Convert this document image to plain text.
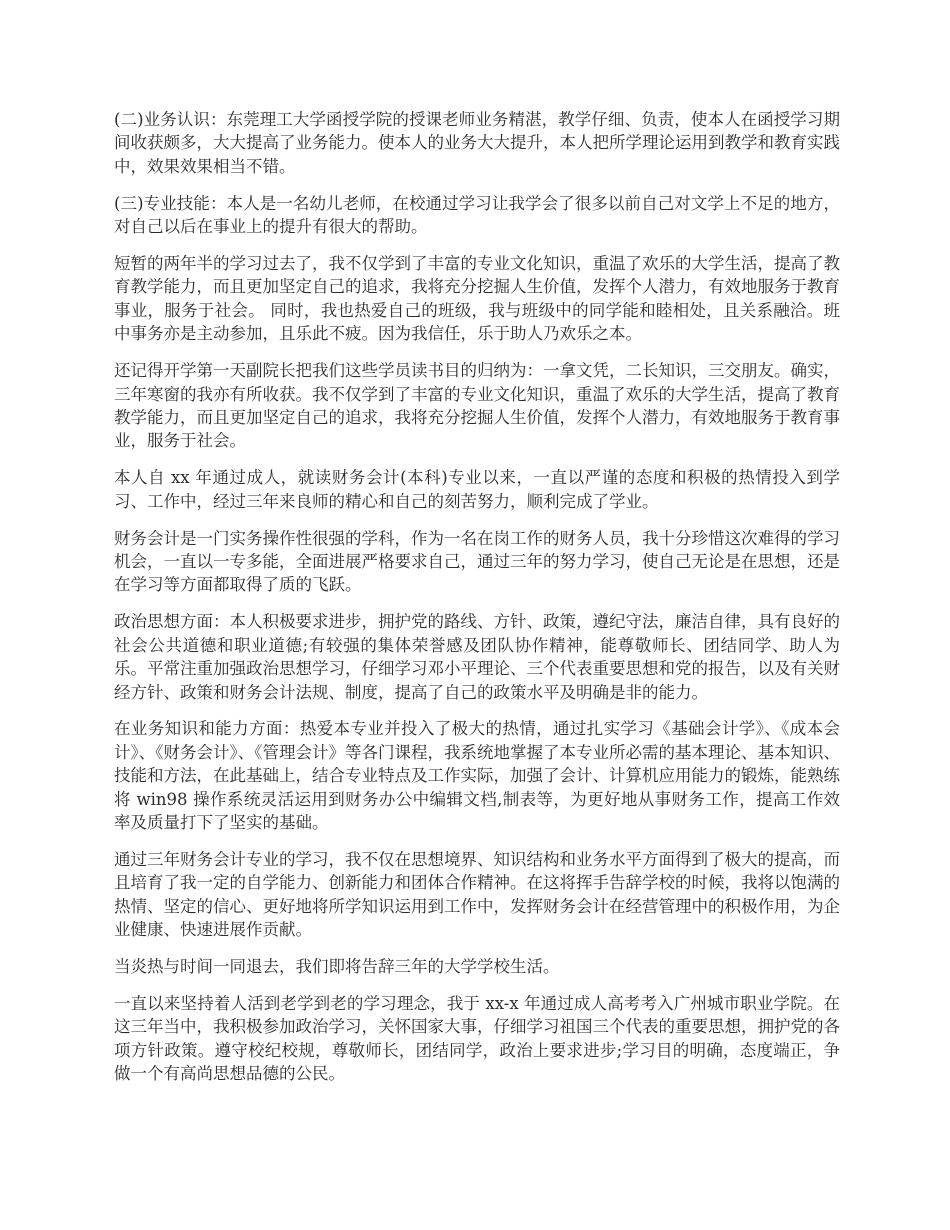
(二)业务认识：东莞理工大学函授学院的授课老师业务精湛，教学仔细、负责，使本人在函授学习期间收获颇多，大大提高了业务能力。使本人的业务大大提升，本人把所学理论运用到教学和教育实践中，效果效果相当不错。

(三)专业技能：本人是一名幼儿老师，在校通过学习让我学会了很多以前自己对文学上不足的地方，对自己以后在事业上的提升有很大的帮助。

短暂的两年半的学习过去了，我不仅学到了丰富的专业文化知识，重温了欢乐的大学生活，提高了教育教学能力，而且更加坚定自己的追求，我将充分挖掘人生价值，发挥个人潜力，有效地服务于教育事业，服务于社会。 同时，我也热爱自己的班级，我与班级中的同学能和睦相处，且关系融洽。班中事务亦是主动参加，且乐此不疲。因为我信任，乐于助人乃欢乐之本。

还记得开学第一天副院长把我们这些学员读书目的归纳为：一拿文凭，二长知识，三交朋友。确实，三年寒窗的我亦有所收获。我不仅学到了丰富的专业文化知识，重温了欢乐的大学生活，提高了教育教学能力，而且更加坚定自己的追求，我将充分挖掘人生价值，发挥个人潜力，有效地服务于教育事业，服务于社会。

本人自 xx 年通过成人，就读财务会计(本科)专业以来，一直以严谨的态度和积极的热情投入到学习、工作中，经过三年来良师的精心和自己的刻苦努力，顺利完成了学业。

财务会计是一门实务操作性很强的学科，作为一名在岗工作的财务人员，我十分珍惜这次难得的学习机会，一直以一专多能，全面进展严格要求自己，通过三年的努力学习，使自己无论是在思想，还是在学习等方面都取得了质的飞跃。

政治思想方面：本人积极要求进步，拥护党的路线、方针、政策，遵纪守法，廉洁自律，具有良好的社会公共道德和职业道德;有较强的集体荣誉感及团队协作精神，能尊敬师长、团结同学、助人为乐。平常注重加强政治思想学习，仔细学习邓小平理论、三个代表重要思想和党的报告，以及有关财经方针、政策和财务会计法规、制度，提高了自己的政策水平及明确是非的能力。

在业务知识和能力方面：热爱本专业并投入了极大的热情，通过扎实学习《基础会计学》、《成本会计》、《财务会计》、《管理会计》等各门课程，我系统地掌握了本专业所必需的基本理论、基本知识、技能和方法，在此基础上，结合专业特点及工作实际，加强了会计、计算机应用能力的锻炼，能熟练将 win98 操作系统灵活运用到财务办公中编辑文档,制表等，为更好地从事财务工作，提高工作效率及质量打下了坚实的基础。

通过三年财务会计专业的学习，我不仅在思想境界、知识结构和业务水平方面得到了极大的提高，而且培育了我一定的自学能力、创新能力和团体合作精神。在这将挥手告辞学校的时候，我将以饱满的热情、坚定的信心、更好地将所学知识运用到工作中，发挥财务会计在经营管理中的积极作用，为企业健康、快速进展作贡献。

当炎热与时间一同退去，我们即将告辞三年的大学学校生活。

一直以来坚持着人活到老学到老的学习理念，我于 xx-x 年通过成人高考考入广州城市职业学院。在这三年当中，我积极参加政治学习，关怀国家大事，仔细学习祖国三个代表的重要思想，拥护党的各项方针政策。遵守校纪校规，尊敬师长，团结同学，政治上要求进步;学习目的明确，态度端正，争做一个有高尚思想品德的公民。
